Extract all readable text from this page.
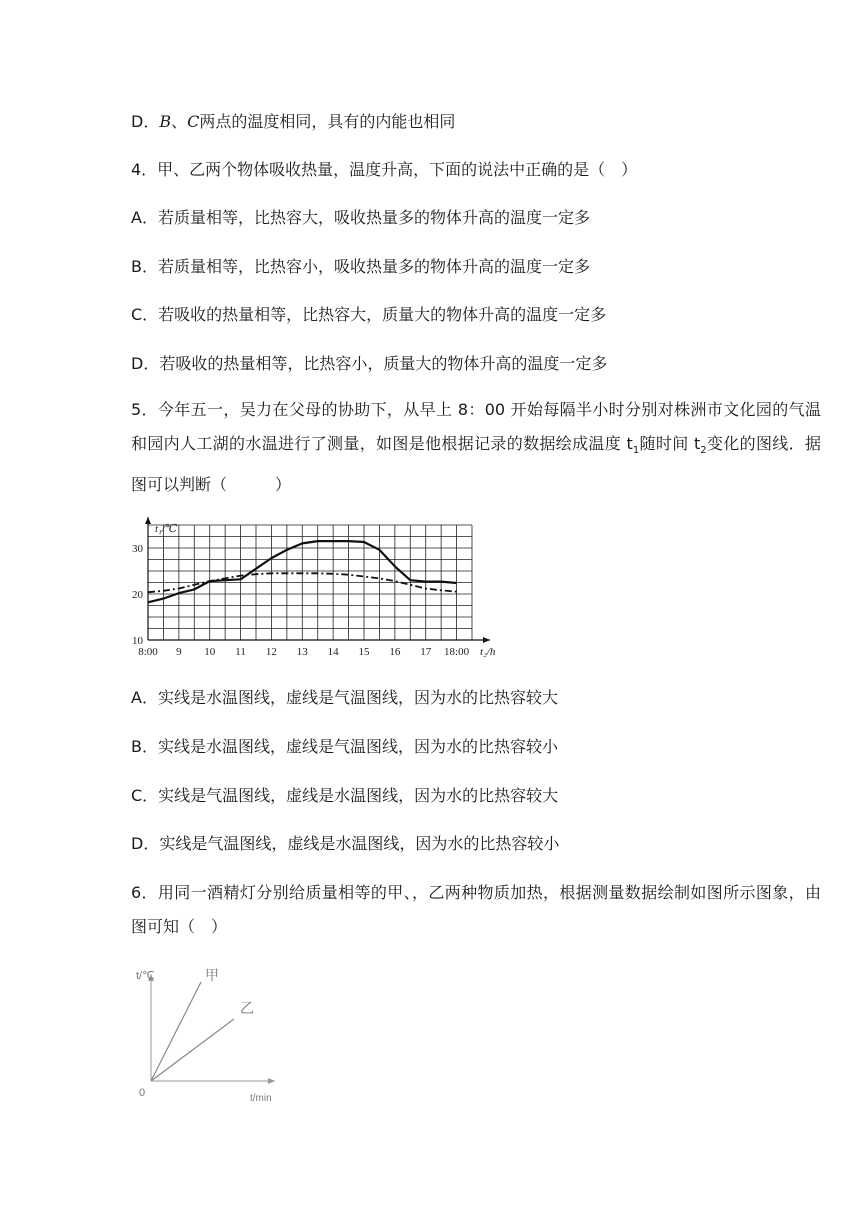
D．B、C两点的温度相同，具有的内能也相同
4．甲、乙两个物体吸收热量，温度升高，下面的说法中正确的是（　）
A．若质量相等，比热容大，吸收热量多的物体升高的温度一定多
B．若质量相等，比热容小，吸收热量多的物体升高的温度一定多
C．若吸收的热量相等，比热容大，质量大的物体升高的温度一定多
D．若吸收的热量相等，比热容小，质量大的物体升高的温度一定多
5．今年五一，吴力在父母的协助下，从早上 8：00 开始每隔半小时分别对株洲市文化园的气温和园内人工湖的水温进行了测量，如图是他根据记录的数据绘成温度 $t_1$随时间 $t_2$变化的图线．据图可以判断（　　　）
t₁/℃
t₂/h
10
20
30
8:00 9 10 11 12 13 14 15 16 17 18:00
A．实线是水温图线，虚线是气温图线，因为水的比热容较大
B．实线是水温图线，虚线是气温图线，因为水的比热容较小
C．实线是气温图线，虚线是水温图线，因为水的比热容较大
D．实线是气温图线，虚线是水温图线，因为水的比热容较小
6．用同一酒精灯分别给质量相等的甲、，乙两种物质加热，根据测量数据绘制如图所示图象，由图可知（　）
t/℃
t/min
0
甲
乙
